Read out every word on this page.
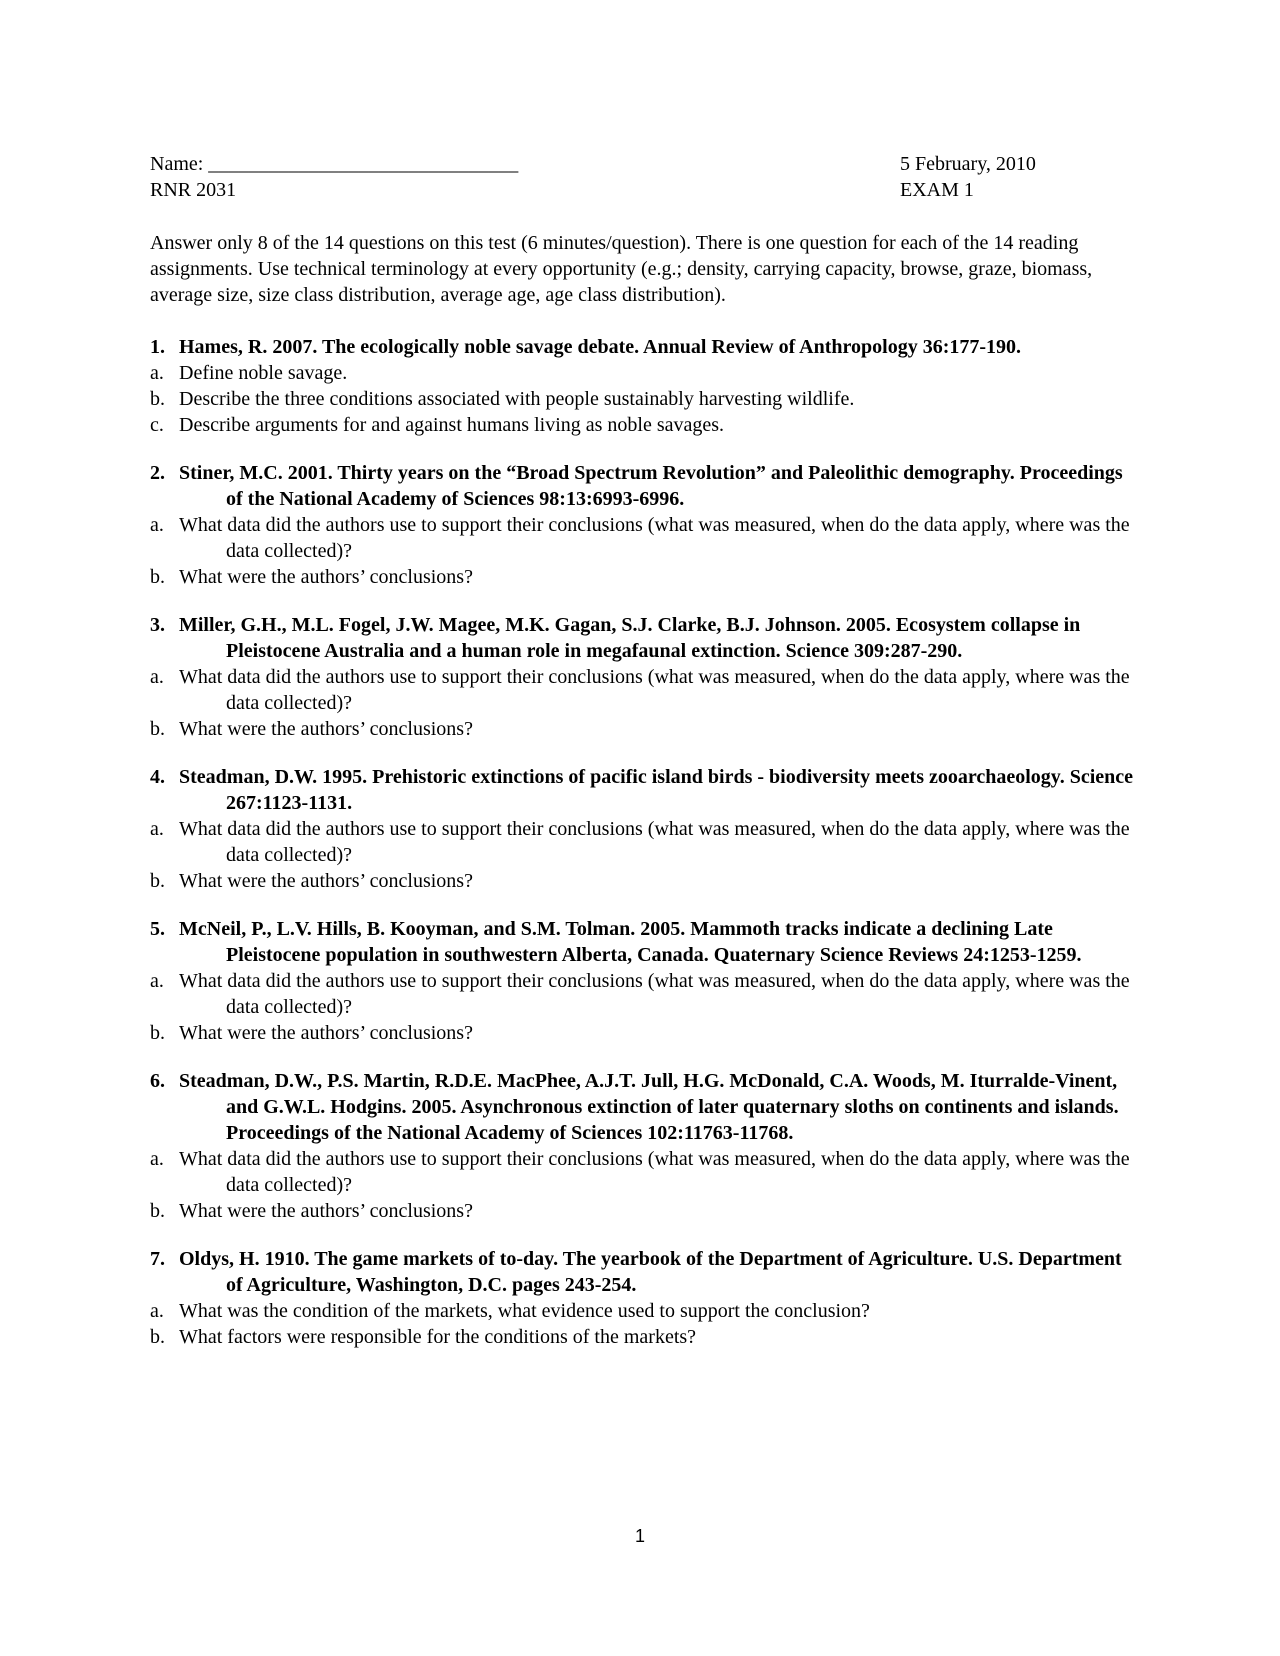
Name: _______________________________	5 February, 2010
RNR 2031	EXAM 1

Answer only 8 of the 14 questions on this test (6 minutes/question). There is one question for each of the 14 reading assignments. Use technical terminology at every opportunity (e.g.; density, carrying capacity, browse, graze, biomass, average size, size class distribution, average age, age class distribution).

1. Hames, R. 2007. The ecologically noble savage debate. Annual Review of Anthropology 36:177-190.
a. Define noble savage.
b. Describe the three conditions associated with people sustainably harvesting wildlife.
c. Describe arguments for and against humans living as noble savages.
2. Stiner, M.C. 2001. Thirty years on the “Broad Spectrum Revolution” and Paleolithic demography. Proceedings of the National Academy of Sciences 98:13:6993-6996.
a. What data did the authors use to support their conclusions (what was measured, when do the data apply, where was the data collected)?
b. What were the authors’ conclusions?
3. Miller, G.H., M.L. Fogel, J.W. Magee, M.K. Gagan, S.J. Clarke, B.J. Johnson. 2005. Ecosystem collapse in Pleistocene Australia and a human role in megafaunal extinction. Science 309:287-290.
a. What data did the authors use to support their conclusions (what was measured, when do the data apply, where was the data collected)?
b. What were the authors’ conclusions?
4. Steadman, D.W. 1995. Prehistoric extinctions of pacific island birds - biodiversity meets zooarchaeology. Science 267:1123-1131.
a. What data did the authors use to support their conclusions (what was measured, when do the data apply, where was the data collected)?
b. What were the authors’ conclusions?
5. McNeil, P., L.V. Hills, B. Kooyman, and S.M. Tolman. 2005. Mammoth tracks indicate a declining Late Pleistocene population in southwestern Alberta, Canada. Quaternary Science Reviews 24:1253-1259.
a. What data did the authors use to support their conclusions (what was measured, when do the data apply, where was the data collected)?
b. What were the authors’ conclusions?
6. Steadman, D.W., P.S. Martin, R.D.E. MacPhee, A.J.T. Jull, H.G. McDonald, C.A. Woods, M. Iturralde-Vinent, and G.W.L. Hodgins. 2005. Asynchronous extinction of later quaternary sloths on continents and islands. Proceedings of the National Academy of Sciences 102:11763-11768.
a. What data did the authors use to support their conclusions (what was measured, when do the data apply, where was the data collected)?
b. What were the authors’ conclusions?
7. Oldys, H. 1910. The game markets of to-day. The yearbook of the Department of Agriculture. U.S. Department of Agriculture, Washington, D.C. pages 243-254.
a. What was the condition of the markets, what evidence used to support the conclusion?
b. What factors were responsible for the conditions of the markets?
1
